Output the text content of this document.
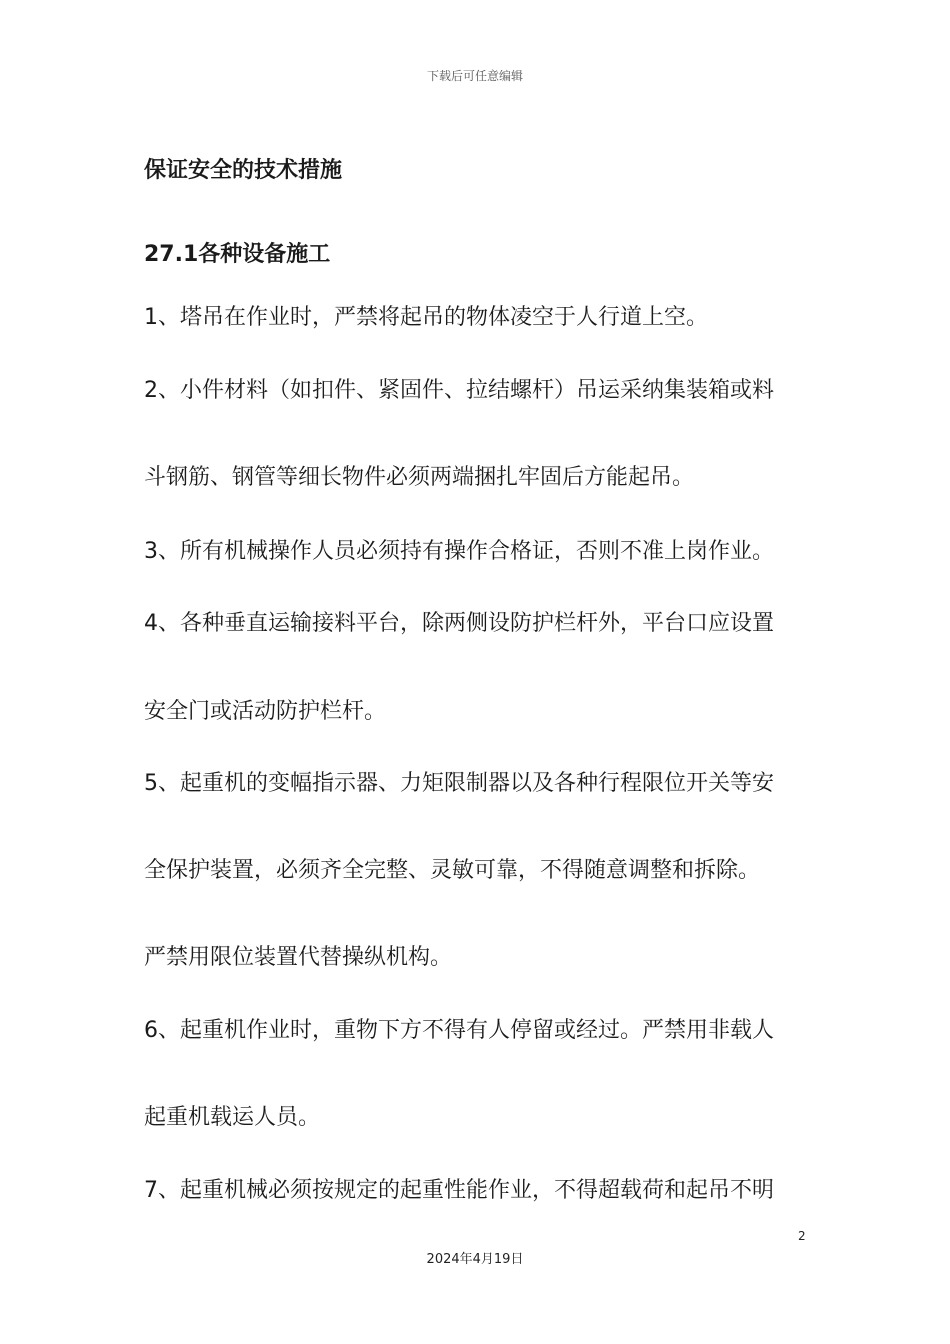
下载后可任意编辑
保证安全的技术措施
27.1各种设备施工
1、塔吊在作业时，严禁将起吊的物体凌空于人行道上空。
2、小件材料（如扣件、紧固件、拉结螺杆）吊运采纳集装箱或料
斗钢筋、钢管等细长物件必须两端捆扎牢固后方能起吊。
3、所有机械操作人员必须持有操作合格证，否则不准上岗作业。
4、各种垂直运输接料平台，除两侧设防护栏杆外，平台口应设置
安全门或活动防护栏杆。
5、起重机的变幅指示器、力矩限制器以及各种行程限位开关等安
全保护装置，必须齐全完整、灵敏可靠，不得随意调整和拆除。
严禁用限位装置代替操纵机构。
6、起重机作业时，重物下方不得有人停留或经过。严禁用非载人
起重机载运人员。
7、起重机械必须按规定的起重性能作业，不得超载荷和起吊不明
2
2024年4月19日
